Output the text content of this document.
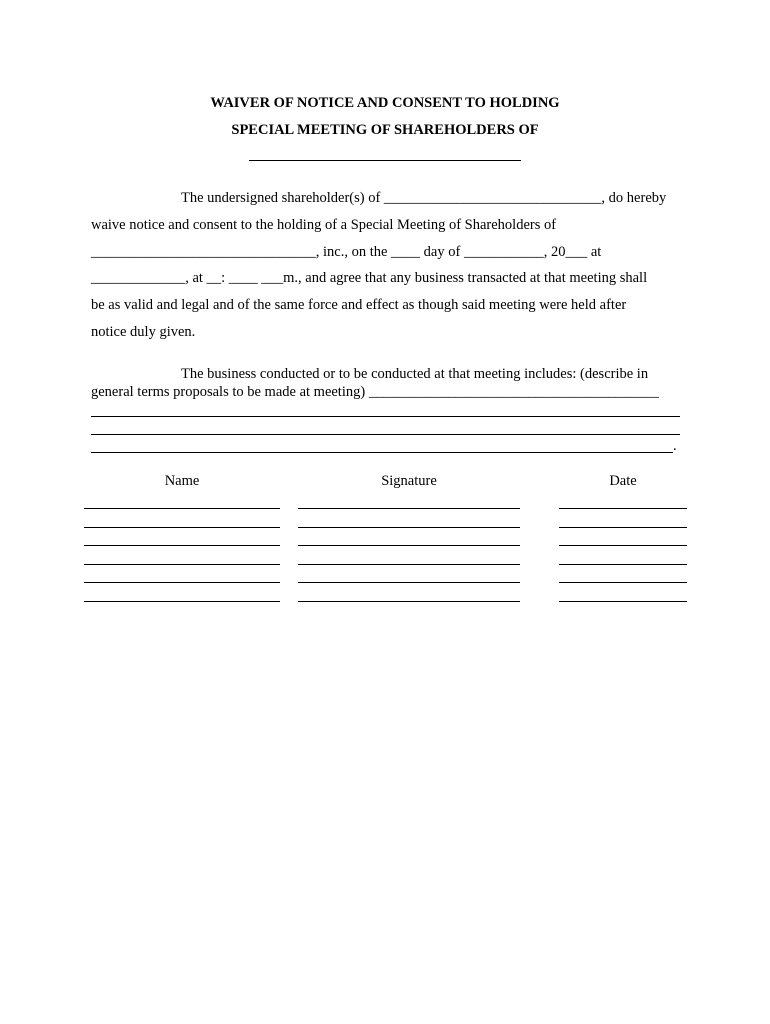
WAIVER OF NOTICE AND CONSENT TO HOLDING
SPECIAL MEETING OF SHAREHOLDERS OF
The undersigned shareholder(s) of ______________________________, do hereby
waive notice and consent to the holding of a Special Meeting of Shareholders of
_______________________________, inc., on the ____ day of ___________, 20___ at
_____________, at __: ____ ___m., and agree that any business transacted at that meeting shall
be as valid and legal and of the same force and effect as though said meeting were held after
notice duly given.
The business conducted or to be conducted at that meeting includes: (describe in
general terms proposals to be made at meeting) ________________________________________
.
Name	Signature	Date
